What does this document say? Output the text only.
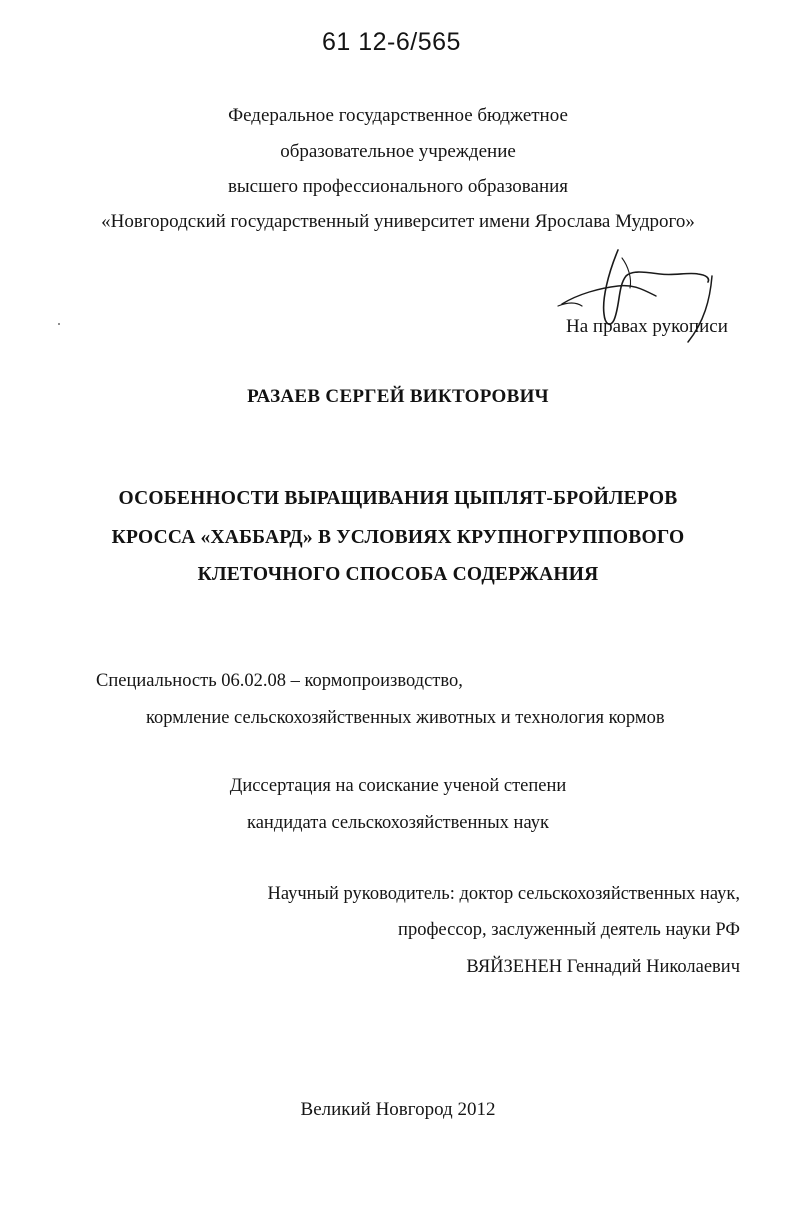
61 12-6/565
Федеральное государственное бюджетное
образовательное учреждение
высшего профессионального образования
«Новгородский государственный университет имени Ярослава Мудрого»
На правах рукописи
РАЗАЕВ СЕРГЕЙ ВИКТОРОВИЧ
ОСОБЕННОСТИ ВЫРАЩИВАНИЯ ЦЫПЛЯТ-БРОЙЛЕРОВ
КРОССА «ХАББАРД» В УСЛОВИЯХ КРУПНОГРУППОВОГО
КЛЕТОЧНОГО СПОСОБА СОДЕРЖАНИЯ
Специальность 06.02.08 – кормопроизводство,
кормление сельскохозяйственных животных и технология кормов
Диссертация на соискание ученой степени
кандидата сельскохозяйственных наук
Научный руководитель: доктор сельскохозяйственных наук,
профессор, заслуженный деятель науки РФ
ВЯЙЗЕНЕН Геннадий Николаевич
Великий Новгород 2012
